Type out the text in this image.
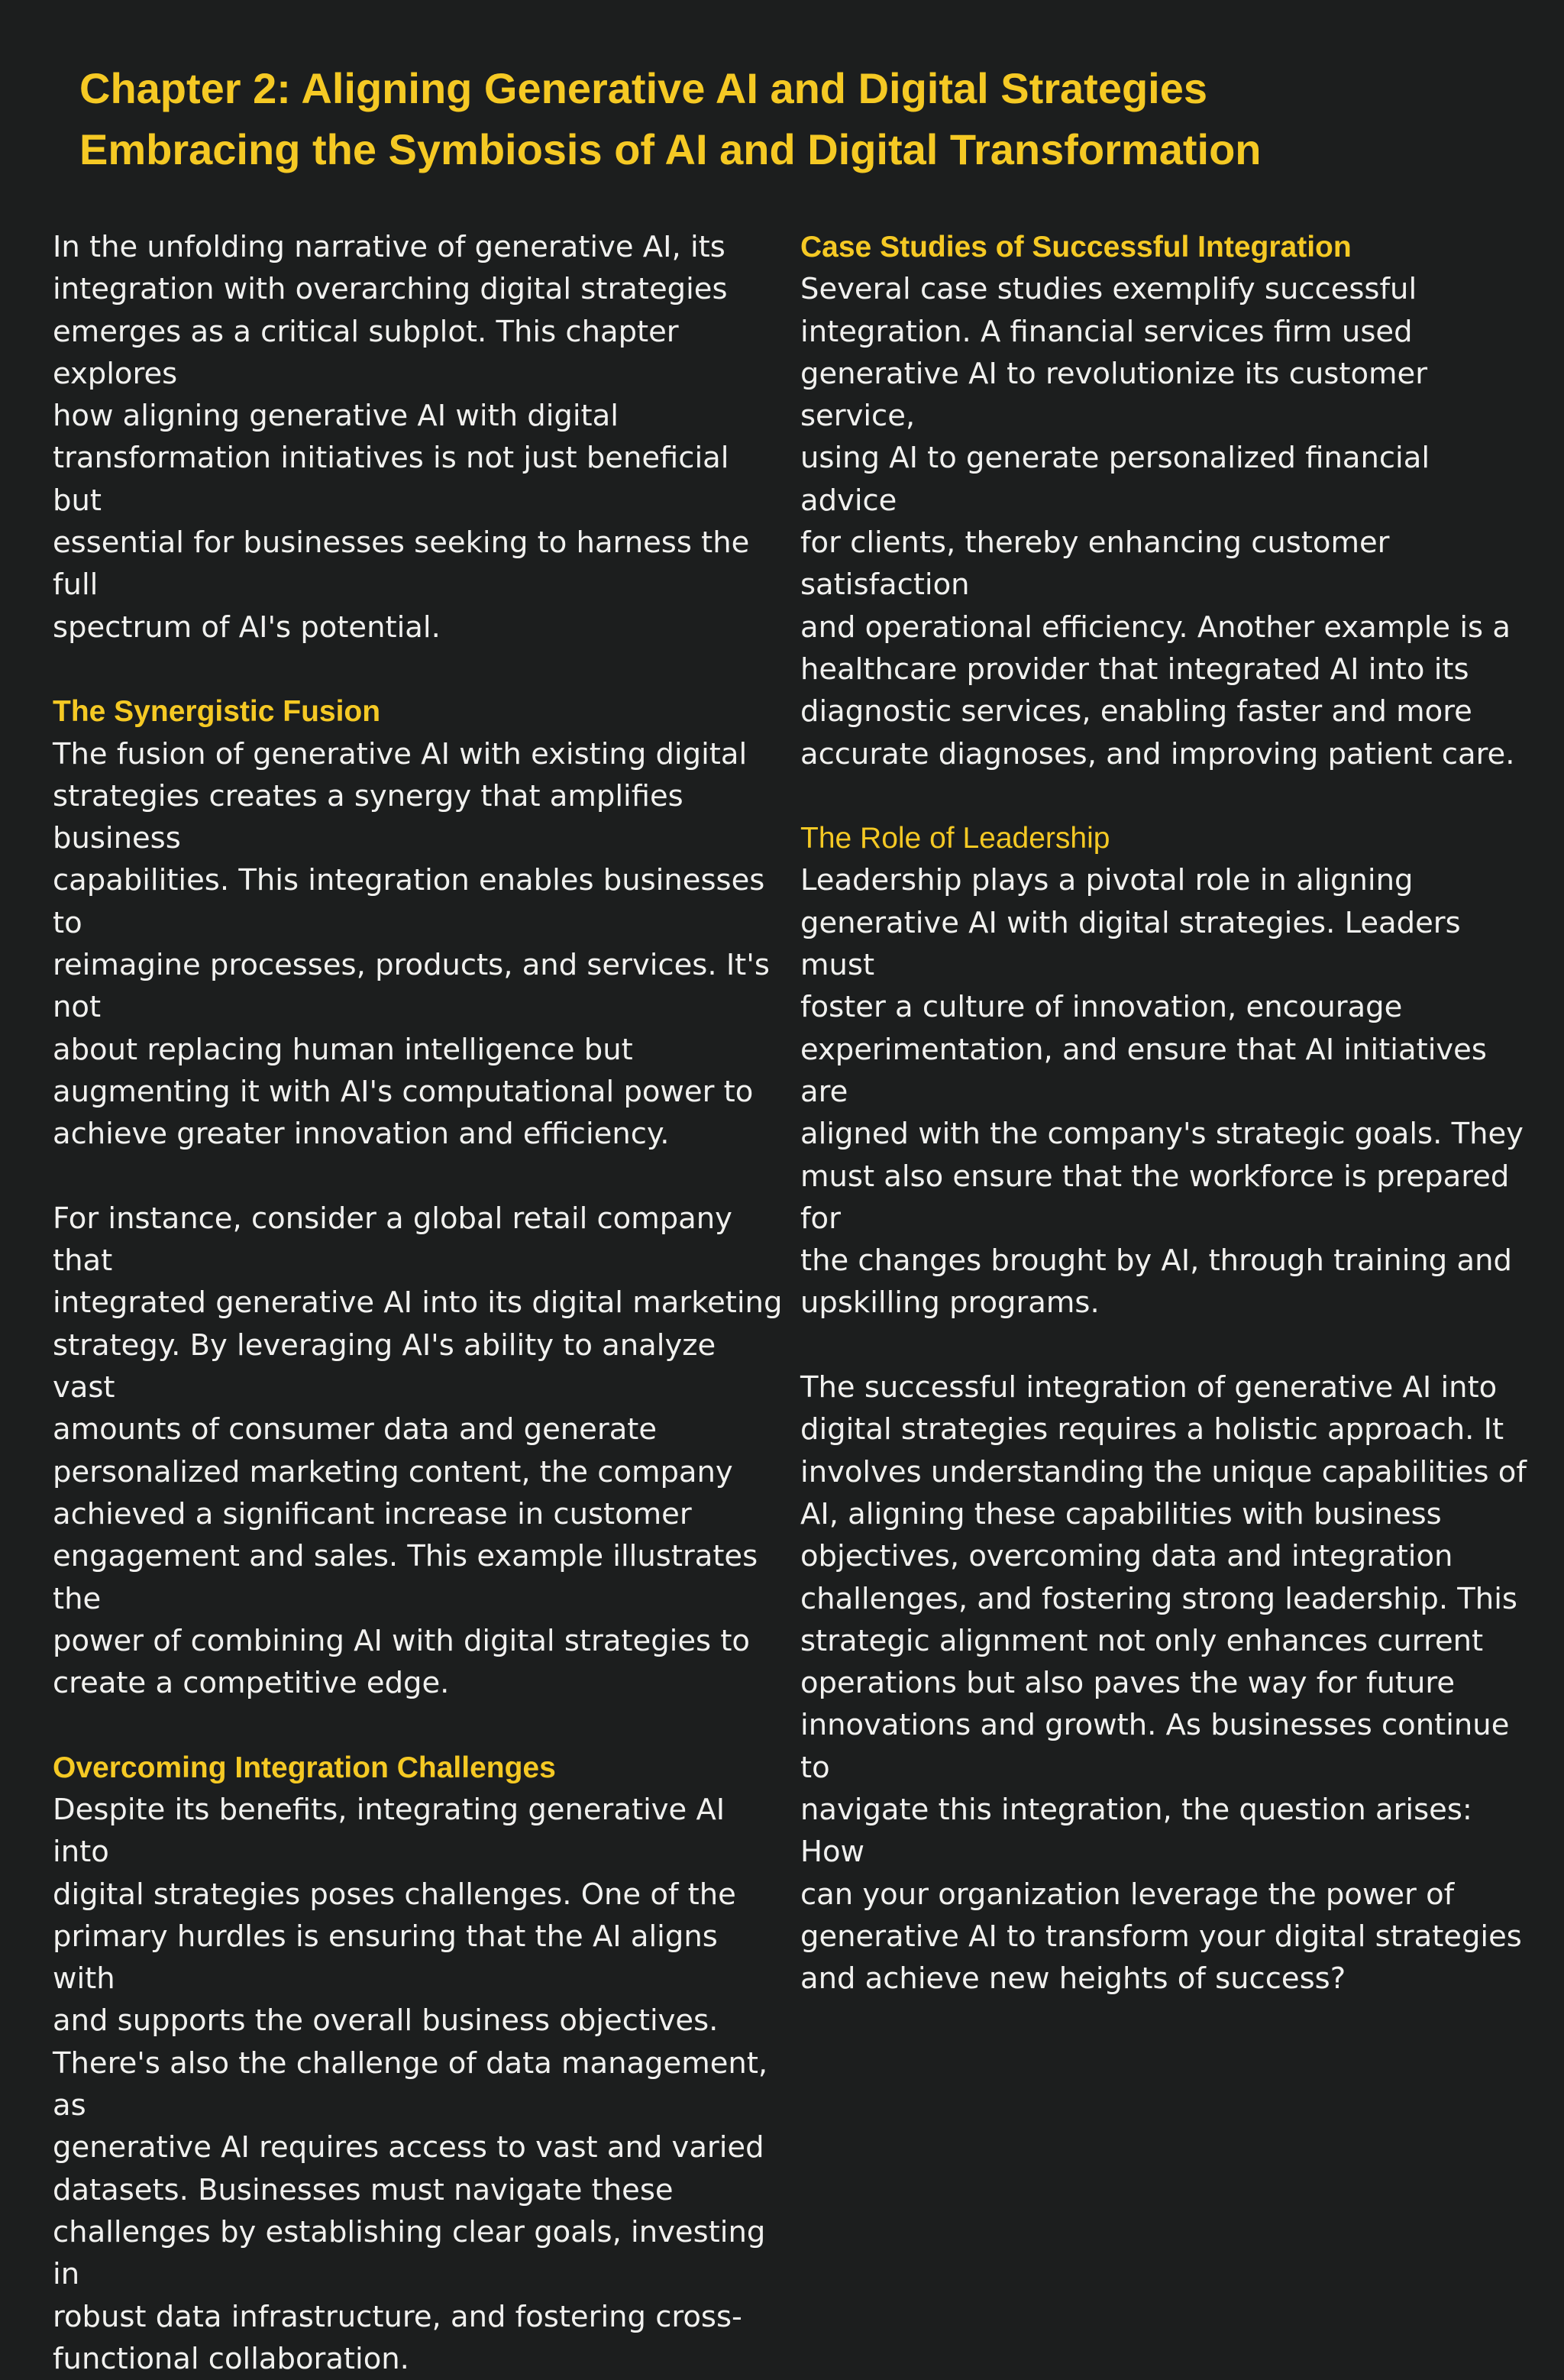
Chapter 2: Aligning Generative AI and Digital Strategies
Embracing the Symbiosis of AI and Digital Transformation

In the unfolding narrative of generative AI, its
integration with overarching digital strategies
emerges as a critical subplot. This chapter explores
how aligning generative AI with digital
transformation initiatives is not just beneficial but
essential for businesses seeking to harness the full
spectrum of AI's potential.

The Synergistic Fusion

The fusion of generative AI with existing digital
strategies creates a synergy that amplifies business
capabilities. This integration enables businesses to
reimagine processes, products, and services. It's not
about replacing human intelligence but
augmenting it with AI's computational power to
achieve greater innovation and efficiency.

For instance, consider a global retail company that
integrated generative AI into its digital marketing
strategy. By leveraging AI's ability to analyze vast
amounts of consumer data and generate
personalized marketing content, the company
achieved a significant increase in customer
engagement and sales. This example illustrates the
power of combining AI with digital strategies to
create a competitive edge.

Overcoming Integration Challenges

Despite its benefits, integrating generative AI into
digital strategies poses challenges. One of the
primary hurdles is ensuring that the AI aligns with
and supports the overall business objectives.
There's also the challenge of data management, as
generative AI requires access to vast and varied
datasets. Businesses must navigate these
challenges by establishing clear goals, investing in
robust data infrastructure, and fostering cross-
functional collaboration.

Case Studies of Successful Integration

Several case studies exemplify successful
integration. A financial services firm used
generative AI to revolutionize its customer service,
using AI to generate personalized financial advice
for clients, thereby enhancing customer satisfaction
and operational efficiency. Another example is a
healthcare provider that integrated AI into its
diagnostic services, enabling faster and more
accurate diagnoses, and improving patient care.

The Role of Leadership

Leadership plays a pivotal role in aligning
generative AI with digital strategies. Leaders must
foster a culture of innovation, encourage
experimentation, and ensure that AI initiatives are
aligned with the company's strategic goals. They
must also ensure that the workforce is prepared for
the changes brought by AI, through training and
upskilling programs.

The successful integration of generative AI into
digital strategies requires a holistic approach. It
involves understanding the unique capabilities of
AI, aligning these capabilities with business
objectives, overcoming data and integration
challenges, and fostering strong leadership. This
strategic alignment not only enhances current
operations but also paves the way for future
innovations and growth. As businesses continue to
navigate this integration, the question arises: How
can your organization leverage the power of
generative AI to transform your digital strategies
and achieve new heights of success?
